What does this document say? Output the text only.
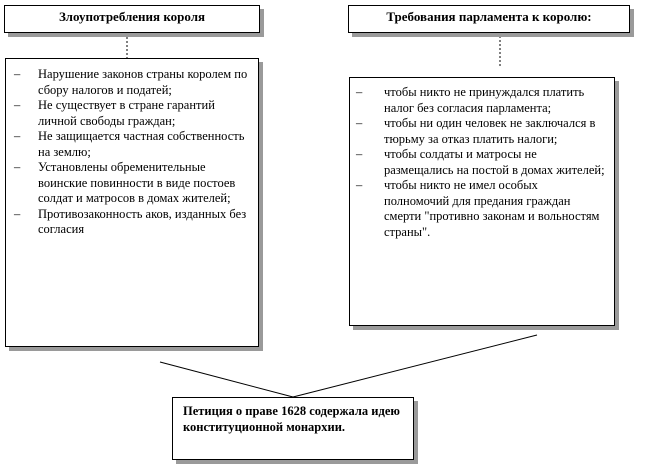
Злоупотребления короля	Требования парламента к королю:
– Нарушение законов страны королем по сбору налогов и податей;
– Не существует в стране гарантий личной свободы граждан;
– Не защищается частная собственность на землю;
– Установлены обременительные воинские повинности в виде постоев солдат и матросов в домах жителей;
– Противозаконность аков, изданных без согласия
– чтобы никто не принуждался платить налог без согласия парламента;
– чтобы ни один человек не заключался в тюрьму за отказ платить налоги;
– чтобы солдаты и матросы не размещались на постой в домах жителей;
– чтобы никто не имел особых полномочий для предания граждан смерти "противно законам и вольностям страны".
Петиция о праве 1628 содержала идею конституционной монархии.
